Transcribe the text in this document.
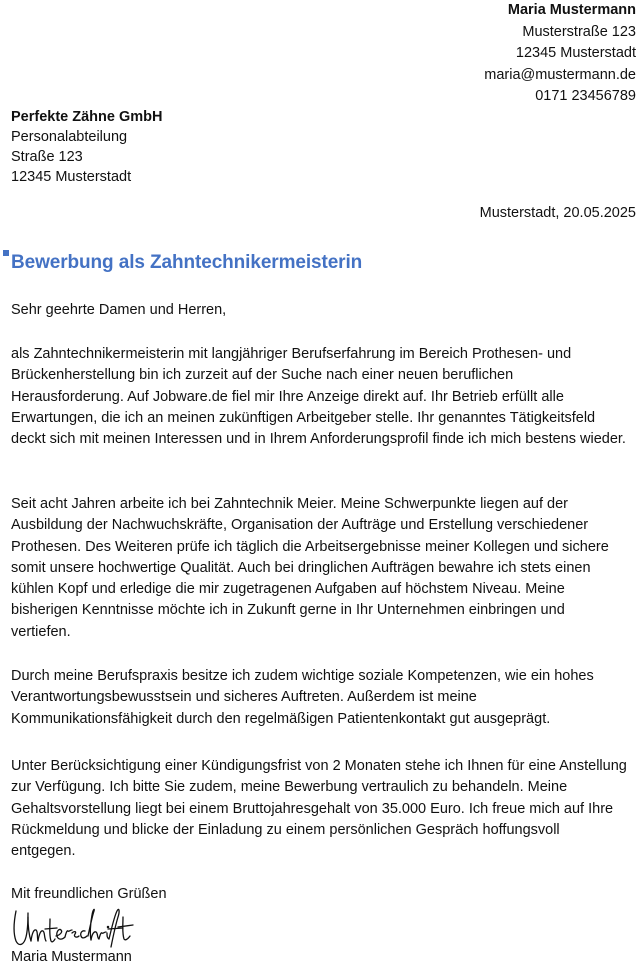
Maria Mustermann
Musterstraße 123
12345 Musterstadt
maria@mustermann.de
0171 23456789
Perfekte Zähne GmbH
Personalabteilung
Straße 123
12345 Musterstadt
Musterstadt, 20.05.2025
Bewerbung als Zahntechnikermeisterin

Sehr geehrte Damen und Herren,

als Zahntechnikermeisterin mit langjähriger Berufserfahrung im Bereich Prothesen- und Brückenherstellung bin ich zurzeit auf der Suche nach einer neuen beruflichen Herausforderung. Auf Jobware.de fiel mir Ihre Anzeige direkt auf. Ihr Betrieb erfüllt alle Erwartungen, die ich an meinen zukünftigen Arbeitgeber stelle. Ihr genanntes Tätigkeitsfeld deckt sich mit meinen Interessen und in Ihrem Anforderungsprofil finde ich mich bestens wieder.

Seit acht Jahren arbeite ich bei Zahntechnik Meier. Meine Schwerpunkte liegen auf der Ausbildung der Nachwuchskräfte, Organisation der Aufträge und Erstellung verschiedener Prothesen. Des Weiteren prüfe ich täglich die Arbeitsergebnisse meiner Kollegen und sichere somit unsere hochwertige Qualität. Auch bei dringlichen Aufträgen bewahre ich stets einen kühlen Kopf und erledige die mir zugetragenen Aufgaben auf höchstem Niveau. Meine bisherigen Kenntnisse möchte ich in Zukunft gerne in Ihr Unternehmen einbringen und vertiefen.

Durch meine Berufspraxis besitze ich zudem wichtige soziale Kompetenzen, wie ein hohes Verantwortungsbewusstsein und sicheres Auftreten. Außerdem ist meine Kommunikationsfähigkeit durch den regelmäßigen Patientenkontakt gut ausgeprägt.

Unter Berücksichtigung einer Kündigungsfrist von 2 Monaten stehe ich Ihnen für eine Anstellung zur Verfügung. Ich bitte Sie zudem, meine Bewerbung vertraulich zu behandeln. Meine Gehaltsvorstellung liegt bei einem Bruttojahresgehalt von 35.000 Euro. Ich freue mich auf Ihre Rückmeldung und blicke der Einladung zu einem persönlichen Gespräch hoffungsvoll entgegen.

Mit freundlichen Grüßen

Maria Mustermann
